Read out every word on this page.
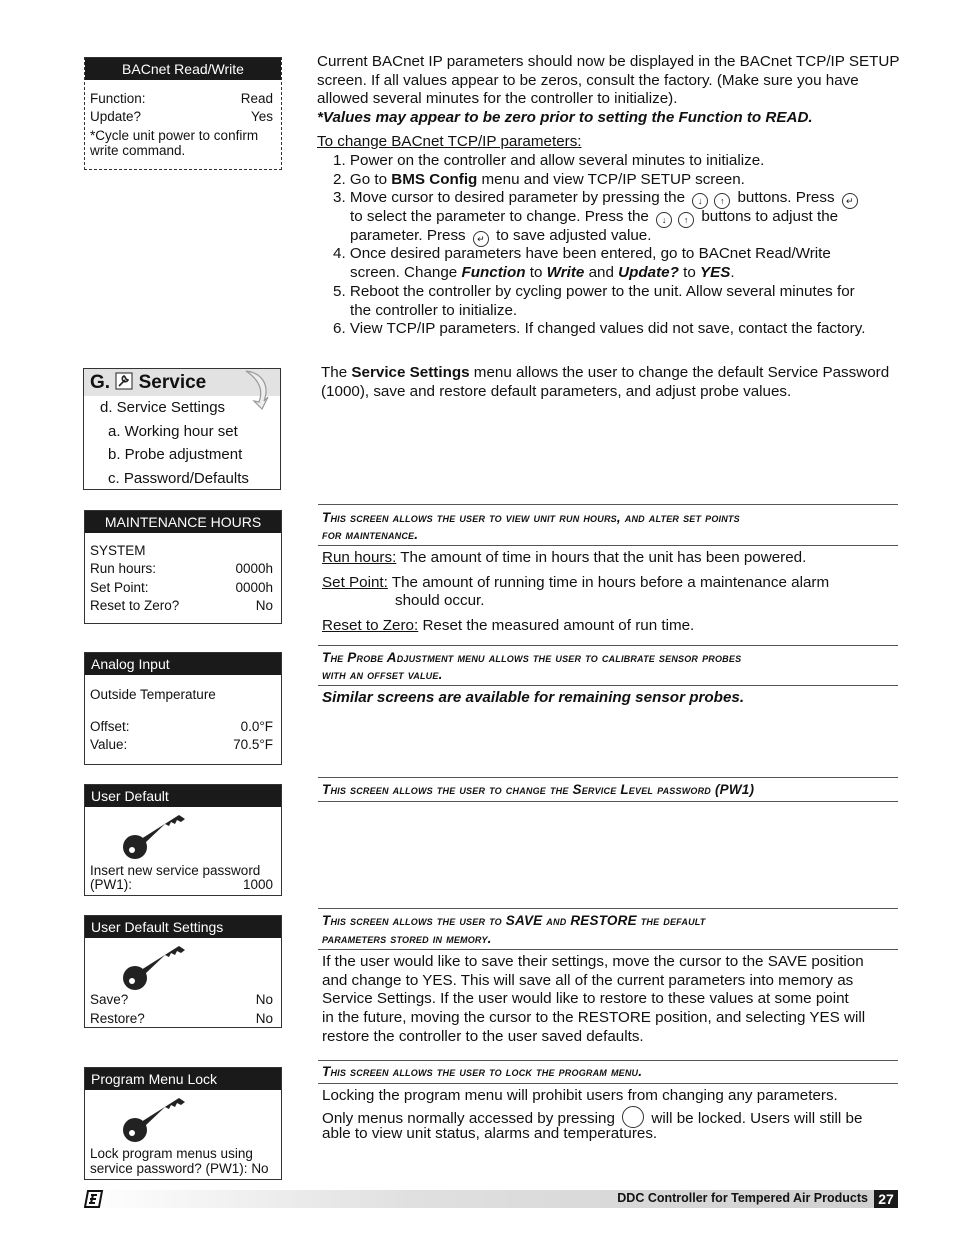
BACnet Read/Write
Function:	Read
Update?	Yes
*Cycle unit power to confirm write command.
Current BACnet IP parameters should now be displayed in the BACnet TCP/IP SETUP screen. If all values appear to be zeros, consult the factory. (Make sure you have allowed several minutes for the controller to initialize).
*Values may appear to be zero prior to setting the Function to READ.
To change BACnet TCP/IP parameters:
1. Power on the controller and allow several minutes to initialize.
2. Go to BMS Config menu and view TCP/IP SETUP screen.
3. Move cursor to desired parameter by pressing the ↓ ↑ buttons. Press ↵
to select the parameter to change. Press the ↓ ↑ buttons to adjust the
parameter. Press ↵ to save adjusted value.
4. Once desired parameters have been entered, go to BACnet Read/Write
screen. Change Function to Write and Update? to YES.
5. Reboot the controller by cycling power to the unit. Allow several minutes for
the controller to initialize.
6. View TCP/IP parameters. If changed values did not save, contact the factory.
G. Service
d. Service Settings
a. Working hour set
b. Probe adjustment
c. Password/Defaults
The Service Settings menu allows the user to change the default Service Password (1000), save and restore default parameters, and adjust probe values.
MAINTENANCE HOURS
SYSTEM
Run hours:	0000h
Set Point:	0000h
Reset to Zero?	No
This screen allows the user to view unit run hours, and alter set points
for maintenance.
Run hours: The amount of time in hours that the unit has been powered.
Set Point: The amount of running time in hours before a maintenance alarm
should occur.
Reset to Zero: Reset the measured amount of run time.
Analog Input
Outside Temperature
Offset:	0.0°F
Value:	70.5°F
The Probe Adjustment menu allows the user to calibrate sensor probes
with an offset value.
Similar screens are available for remaining sensor probes.
User Default
Insert new service password
(PW1):	1000
This screen allows the user to change the Service Level password (PW1)
User Default Settings
Save?	No
Restore?	No
This screen allows the user to SAVE and RESTORE the default
parameters stored in memory.
If the user would like to save their settings, move the cursor to the SAVE position
and change to YES. This will save all of the current parameters into memory as
Service Settings. If the user would like to restore to these values at some point
in the future, moving the cursor to the RESTORE position, and selecting YES will
restore the controller to the user saved defaults.
Program Menu Lock
Lock program menus using
service password? (PW1): No
This screen allows the user to lock the program menu.
Locking the program menu will prohibit users from changing any parameters.
Only menus normally accessed by pressing will be locked. Users will still be
able to view unit status, alarms and temperatures.
DDC Controller for Tempered Air Products 27
